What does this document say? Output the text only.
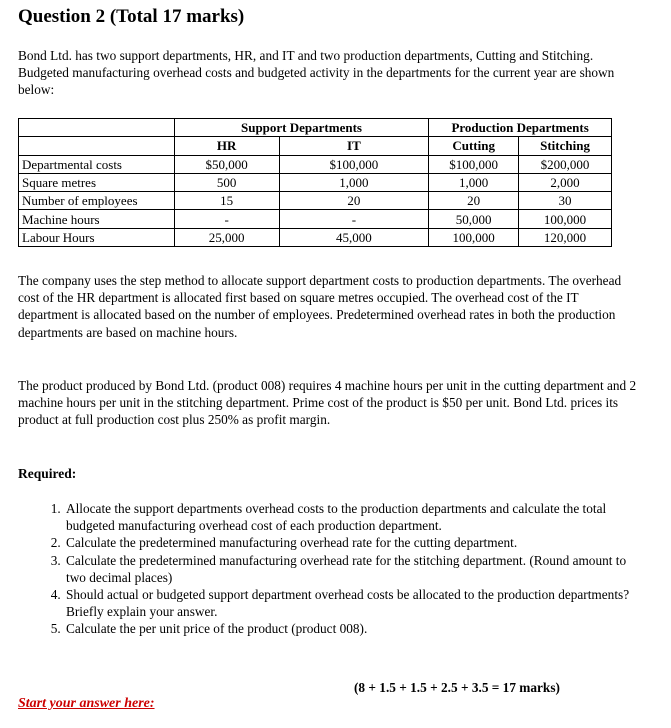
Question 2 (Total 17 marks)
Bond Ltd. has two support departments, HR, and IT and two production departments, Cutting and Stitching. Budgeted manufacturing overhead costs and budgeted activity in the departments for the current year are shown below:
	Support Departments		Production Departments	
	HR	IT	Cutting	Stitching
Departmental costs	$50,000	$100,000	$100,000	$200,000
Square metres	500	1,000	1,000	2,000
Number of employees	15	20	20	30
Machine hours	-	-	50,000	100,000
Labour Hours	25,000	45,000	100,000	120,000
The company uses the step method to allocate support department costs to production departments. The overhead cost of the HR department is allocated first based on square metres occupied. The overhead cost of the IT department is allocated based on the number of employees. Predetermined overhead rates in both the production departments are based on machine hours.
The product produced by Bond Ltd. (product 008) requires 4 machine hours per unit in the cutting department and 2 machine hours per unit in the stitching department. Prime cost of the product is $50 per unit. Bond Ltd. prices its product at full production cost plus 250% as profit margin.
Required:
1. Allocate the support departments overhead costs to the production departments and calculate the total budgeted manufacturing overhead cost of each production department.
2. Calculate the predetermined manufacturing overhead rate for the cutting department.
3. Calculate the predetermined manufacturing overhead rate for the stitching department. (Round amount to two decimal places)
4. Should actual or budgeted support department overhead costs be allocated to the production departments? Briefly explain your answer.
5. Calculate the per unit price of the product (product 008).
(8 + 1.5 + 1.5 + 2.5 + 3.5 = 17 marks)
Start your answer here:
